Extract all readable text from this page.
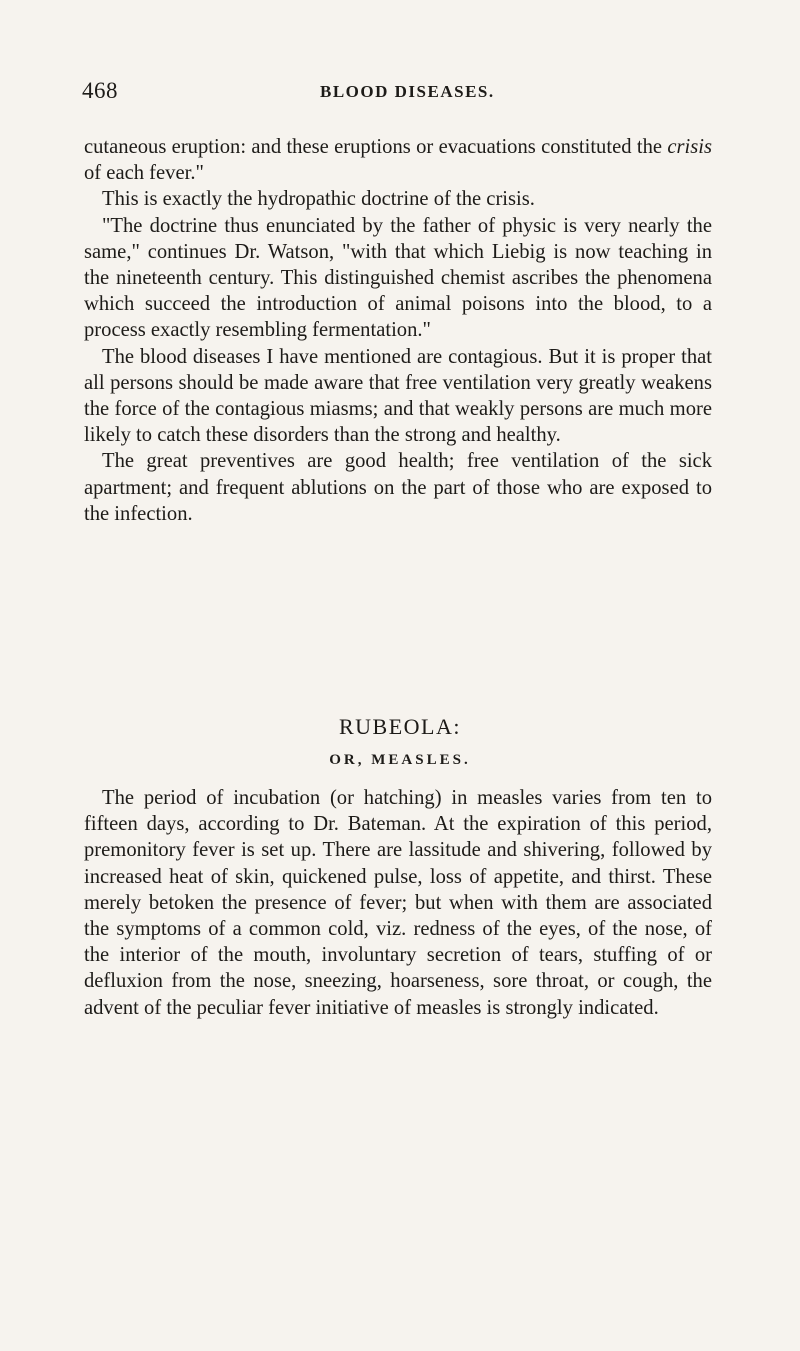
468	BLOOD DISEASES.

cutaneous eruption: and these eruptions or evacuations constituted the crisis of each fever."

This is exactly the hydropathic doctrine of the crisis.

"The doctrine thus enunciated by the father of physic is very nearly the same," continues Dr. Watson, "with that which Liebig is now teaching in the nineteenth century. This distinguished chemist ascribes the phenomena which succeed the introduction of animal poisons into the blood, to a process exactly resembling fermentation."

The blood diseases I have mentioned are contagious. But it is proper that all persons should be made aware that free ventilation very greatly weakens the force of the contagious miasms; and that weakly persons are much more likely to catch these disorders than the strong and healthy.

The great preventives are good health; free ventilation of the sick apartment; and frequent ablutions on the part of those who are exposed to the infection.

RUBEOLA:
OR, MEASLES.

The period of incubation (or hatching) in measles varies from ten to fifteen days, according to Dr. Bateman. At the expiration of this period, premonitory fever is set up. There are lassitude and shivering, followed by increased heat of skin, quickened pulse, loss of appetite, and thirst. These merely betoken the presence of fever; but when with them are associated the symptoms of a common cold, viz. redness of the eyes, of the nose, of the interior of the mouth, involuntary secretion of tears, stuffing of or defluxion from the nose, sneezing, hoarseness, sore throat, or cough, the advent of the peculiar fever initiative of measles is strongly indicated.
